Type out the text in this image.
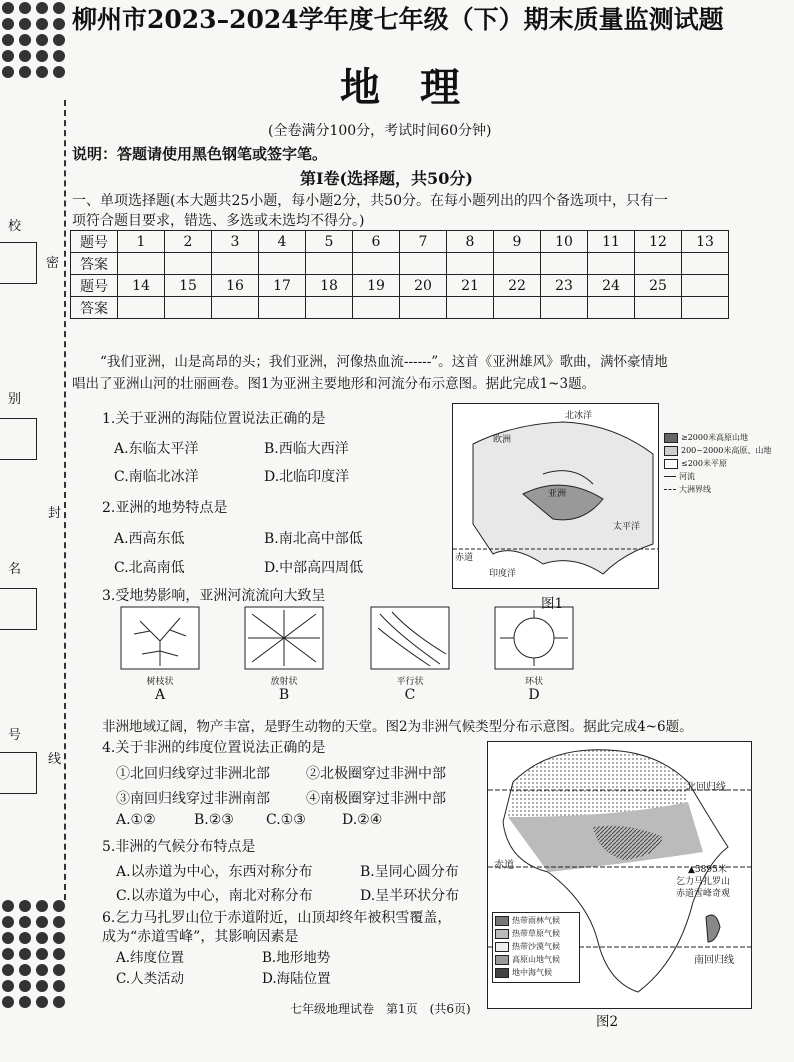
校
别
名
号
密
封
线
柳州市2023–2024学年度七年级（下）期末质量监测试题
地理
(全卷满分100分，考试时间60分钟)
说明：答题请使用黑色钢笔或签字笔。
第Ⅰ卷(选择题，共50分)
一、单项选择题(本大题共25小题，每小题2分，共50分。在每小题列出的四个备选项中，只有一
项符合题目要求，错选、多选或未选均不得分。)
题号	1	2	3	4	5	6	7	8	9	10	11	12	13
答案													
题号	14	15	16	17	18	19	20	21	22	23	24	25	
答案													
“我们亚洲，山是高昂的头；我们亚洲，河像热血流------”。这首《亚洲雄风》歌曲，满怀豪情地
唱出了亚洲山河的壮丽画卷。图1为亚洲主要地形和河流分布示意图。据此完成1~3题。
1.关于亚洲的海陆位置说法正确的是
A.东临太平洋	B.西临大西洋
C.南临北冰洋	D.北临印度洋
2.亚洲的地势特点是
A.西高东低	B.南北高中部低
C.北高南低	D.中部高四周低
3.受地势影响，亚洲河流流向大致呈
树枝状
A
放射状
B
平行状
C
环状
D
北冰洋
欧洲
亚洲
太平洋
赤道
印度洋
≥2000米高原山地
200~2000米高原、山地
≤200米平原
河流
大洲界线
图1
非洲地域辽阔，物产丰富，是野生动物的天堂。图2为非洲气候类型分布示意图。据此完成4~6题。
4.关于非洲的纬度位置说法正确的是
①北回归线穿过非洲北部	②北极圈穿过非洲中部
③南回归线穿过非洲南部	④南极圈穿过非洲中部
A.①②	B.②③ C.①③	D.②④
5.非洲的气候分布特点是
A.以赤道为中心，东西对称分布	B.呈同心圆分布
C.以赤道为中心，南北对称分布	D.呈半环状分布
6.乞力马扎罗山位于赤道附近，山顶却终年被积雪覆盖，
成为“赤道雪峰”，其影响因素是
A.纬度位置	B.地形地势
C.人类活动	D.海陆位置
北回归线
赤道
南回归线
▲5895米
乞力马扎罗山
赤道雪峰奇观
热带雨林气候
热带草原气候
热带沙漠气候
高原山地气候
地中海气候
图2
七年级地理试卷　第1页　(共6页)
